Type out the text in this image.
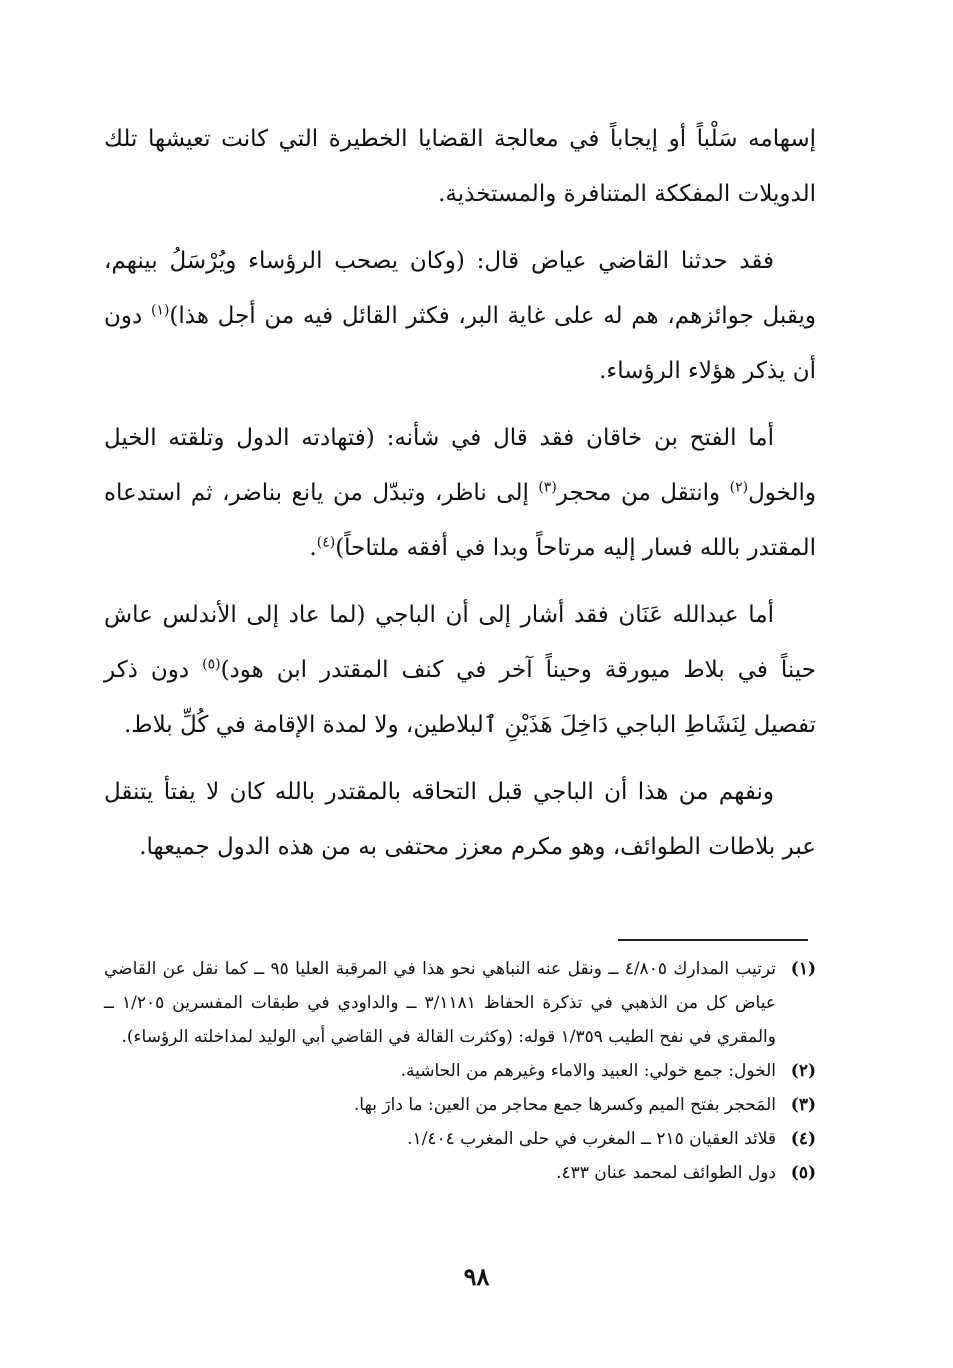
إسهامه سَلْباً أو إيجاباً في معالجة القضايا الخطيرة التي كانت تعيشها تلك الدويلات المفككة المتنافرة والمستخذية.

فقد حدثنا القاضي عياض قال: (وكان يصحب الرؤساء ويُرْسَلُ بينهم، ويقبل جوائزهم، هم له على غاية البر، فكثر القائل فيه من أجل هذا)$^{(١)}$ دون أن يذكر هؤلاء الرؤساء.

أما الفتح بن خاقان فقد قال في شأنه: (فتهادته الدول وتلقته الخيل والخول$^{(٢)}$ وانتقل من محجر$^{(٣)}$ إلى ناظر، وتبدّل من يانع بناضر، ثم استدعاه المقتدر بالله فسار إليه مرتاحاً وبدا في أفقه ملتاحاً)$^{(٤)}$.

أما عبدالله عَنَان فقد أشار إلى أن الباجي (لما عاد إلى الأندلس عاش حيناً في بلاط ميورقة وحيناً آخر في كنف المقتدر ابن هود)$^{(٥)}$ دون ذكر تفصيل لِنَشَاطِ الباجي دَاخِلَ هَذَيْنِ ٱلبلاطين، ولا لمدة الإقامة في كُلِّ بلاط.

ونفهم من هذا أن الباجي قبل التحاقه بالمقتدر بالله كان لا يفتأ يتنقل عبر بلاطات الطوائف، وهو مكرم معزز محتفى به من هذه الدول جميعها.

(١)
ترتيب المدارك ٤/٨٠٥ ــ ونقل عنه النباهي نحو هذا في المرقبة العليا ٩٥ ــ كما نقل عن القاضي عياض كل من الذهبي في تذكرة الحفاظ ٣/١١٨١ ــ والداودي في طبقات المفسرين ١/٢٠٥ ــ والمقري في نفح الطيب ١/٣٥٩ قوله: (وكثرت القالة في القاضي أبي الوليد لمداخلته الرؤساء).
(٢)
الخول: جمع خولي: العبيد والاماء وغيرهم من الحاشية.
(٣)
المَحجر بفتح الميم وكسرها جمع محاجر من العين: ما دارَ بها.
(٤)
قلائد العقيان ٢١٥ ــ المغرب في حلى المغرب ١/٤٠٤.
(٥)
دول الطوائف لمحمد عنان ٤٣٣.
٩٨
